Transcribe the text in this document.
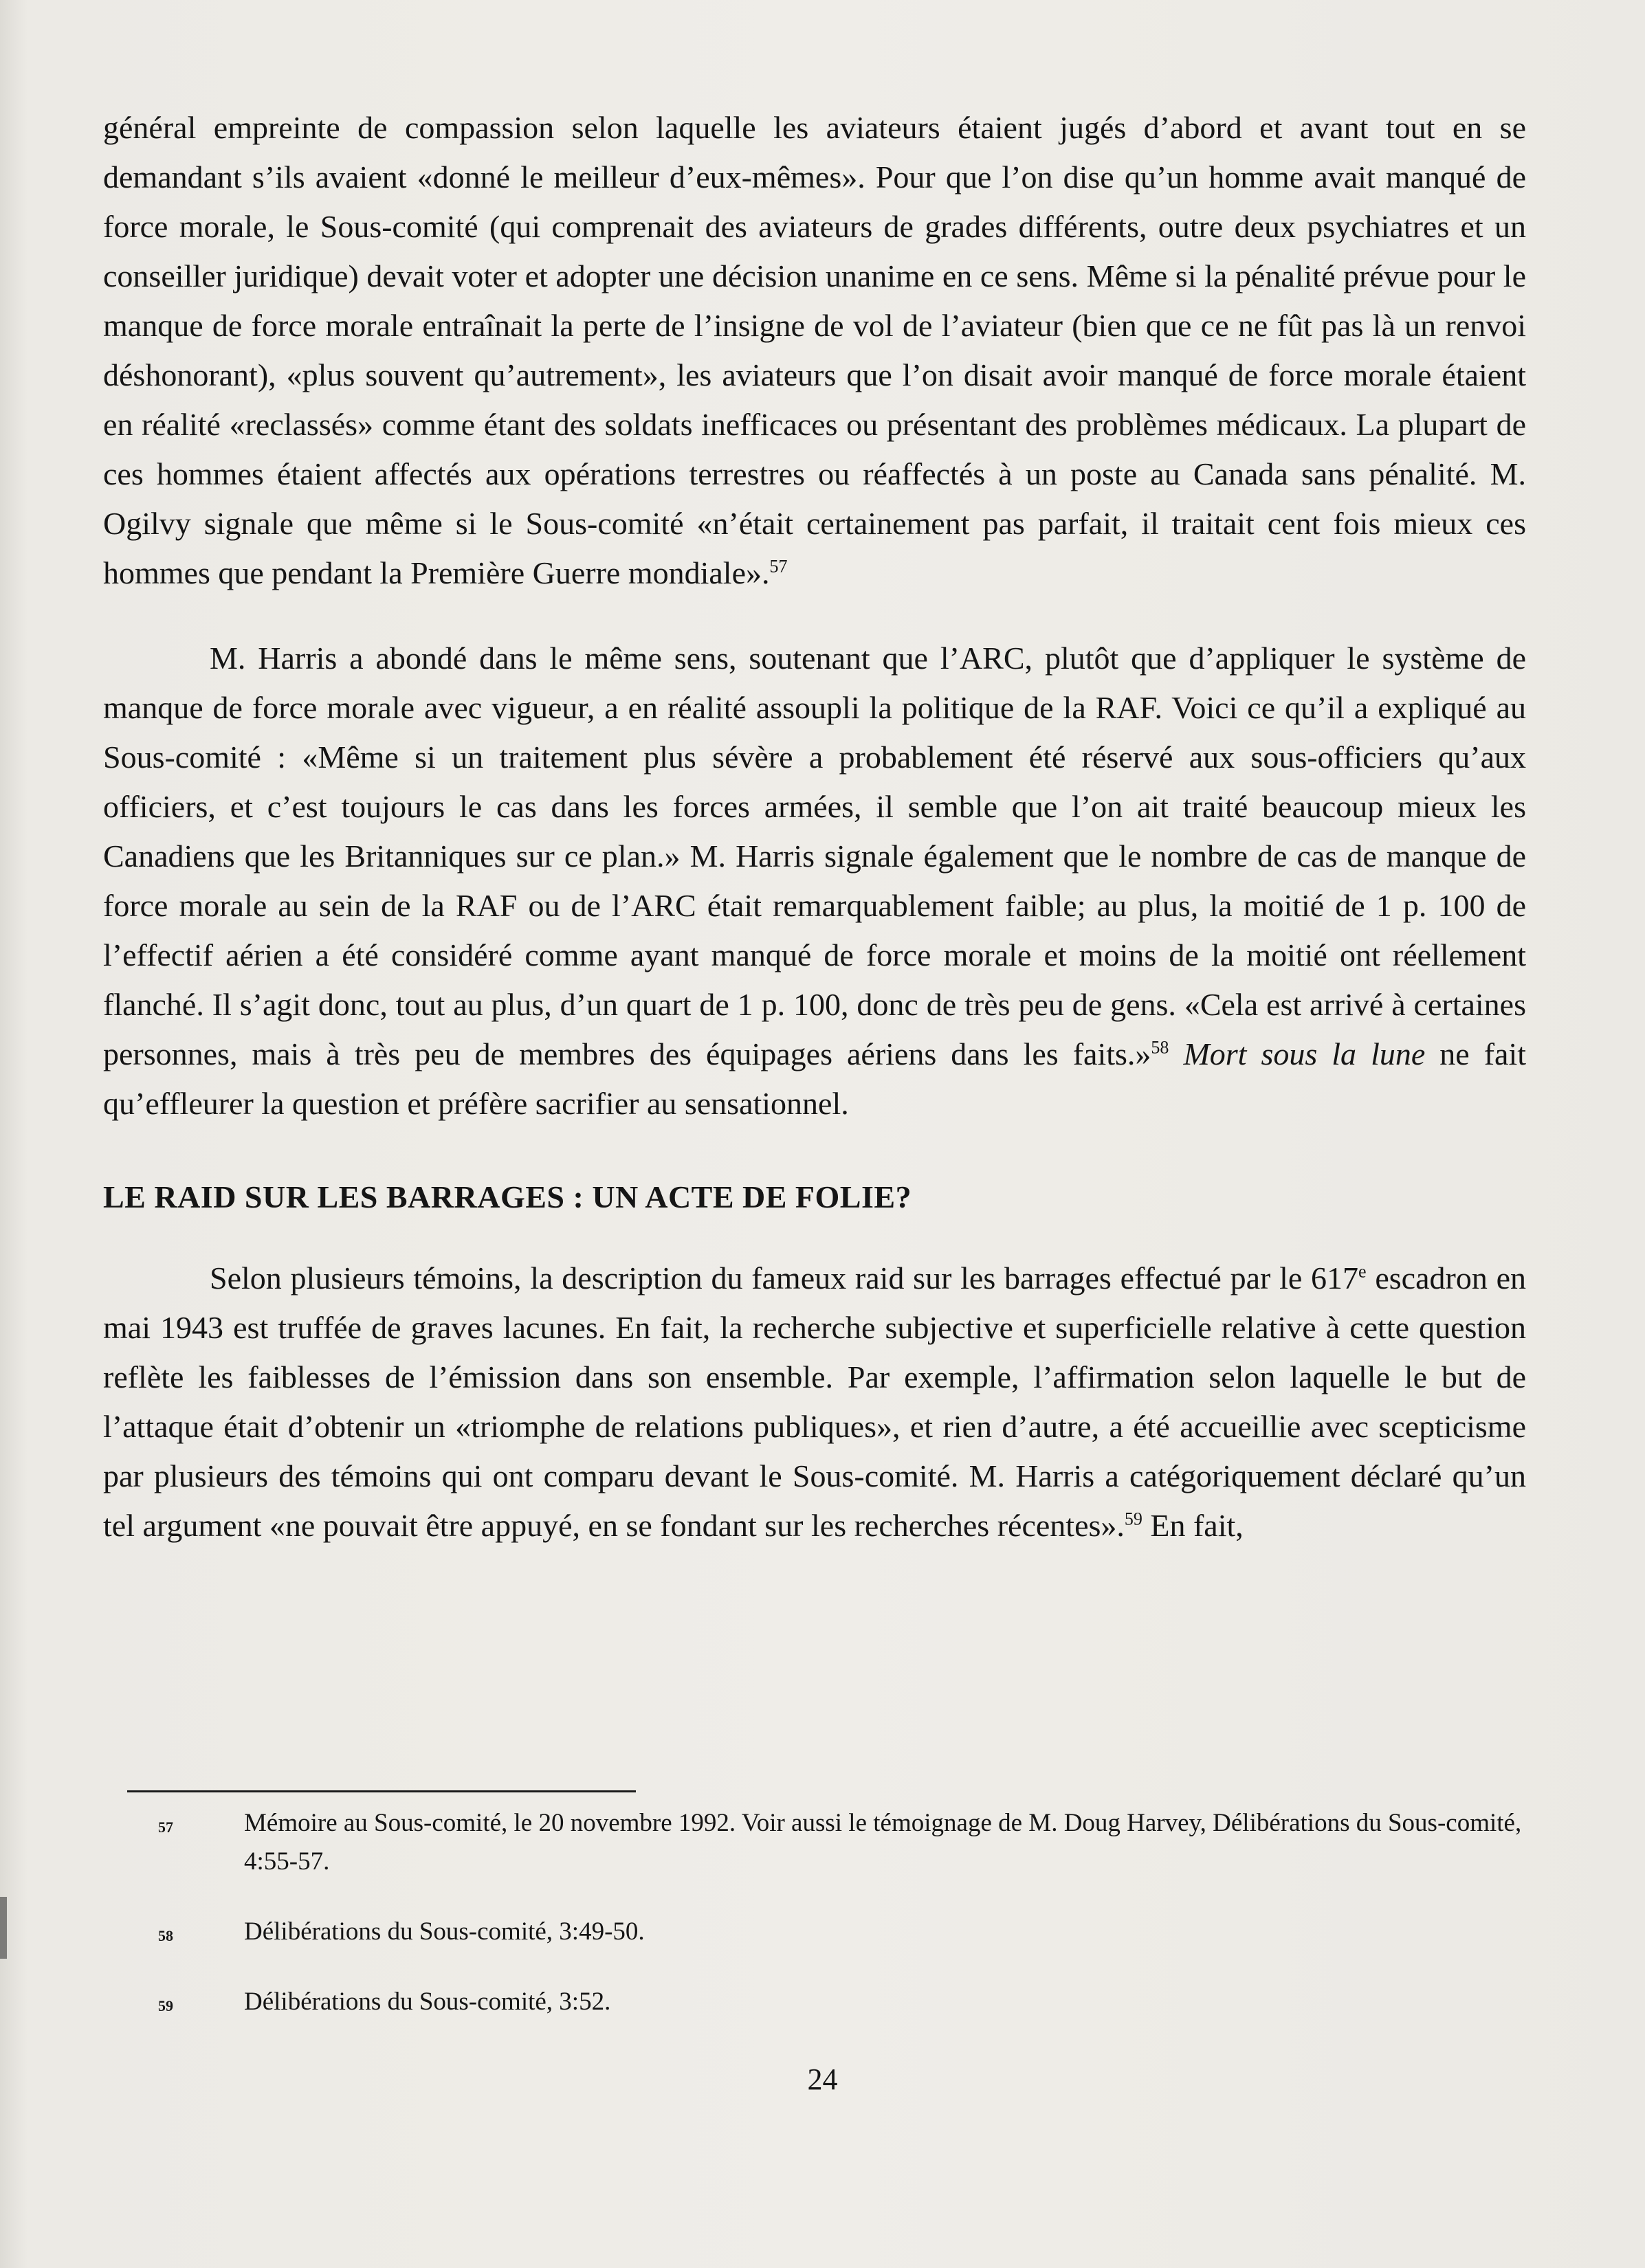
général empreinte de compassion selon laquelle les aviateurs étaient jugés d’abord et avant tout en se demandant s’ils avaient «donné le meilleur d’eux-mêmes». Pour que l’on dise qu’un homme avait manqué de force morale, le Sous-comité (qui comprenait des aviateurs de grades différents, outre deux psychiatres et un conseiller juridique) devait voter et adopter une décision unanime en ce sens. Même si la pénalité prévue pour le manque de force morale entraînait la perte de l’insigne de vol de l’aviateur (bien que ce ne fût pas là un renvoi déshonorant), «plus souvent qu’autrement», les aviateurs que l’on disait avoir manqué de force morale étaient en réalité «reclassés» comme étant des soldats inefficaces ou présentant des problèmes médicaux. La plupart de ces hommes étaient affectés aux opérations terrestres ou réaffectés à un poste au Canada sans pénalité. M. Ogilvy signale que même si le Sous-comité «n’était certainement pas parfait, il traitait cent fois mieux ces hommes que pendant la Première Guerre mondiale».$^{57}$

M. Harris a abondé dans le même sens, soutenant que l’ARC, plutôt que d’appliquer le système de manque de force morale avec vigueur, a en réalité assoupli la politique de la RAF. Voici ce qu’il a expliqué au Sous-comité : «Même si un traitement plus sévère a probablement été réservé aux sous-officiers qu’aux officiers, et c’est toujours le cas dans les forces armées, il semble que l’on ait traité beaucoup mieux les Canadiens que les Britanniques sur ce plan.» M. Harris signale également que le nombre de cas de manque de force morale au sein de la RAF ou de l’ARC était remarquablement faible; au plus, la moitié de 1 p. 100 de l’effectif aérien a été considéré comme ayant manqué de force morale et moins de la moitié ont réellement flanché. Il s’agit donc, tout au plus, d’un quart de 1 p. 100, donc de très peu de gens. «Cela est arrivé à certaines personnes, mais à très peu de membres des équipages aériens dans les faits.»$^{58}$ Mort sous la lune ne fait qu’effleurer la question et préfère sacrifier au sensationnel.

LE RAID SUR LES BARRAGES : UN ACTE DE FOLIE?

Selon plusieurs témoins, la description du fameux raid sur les barrages effectué par le 617e escadron en mai 1943 est truffée de graves lacunes. En fait, la recherche subjective et superficielle relative à cette question reflète les faiblesses de l’émission dans son ensemble. Par exemple, l’affirmation selon laquelle le but de l’attaque était d’obtenir un «triomphe de relations publiques», et rien d’autre, a été accueillie avec scepticisme par plusieurs des témoins qui ont comparu devant le Sous-comité. M. Harris a catégoriquement déclaré qu’un tel argument «ne pouvait être appuyé, en se fondant sur les recherches récentes».$^{59}$ En fait,

57	Mémoire au Sous-comité, le 20 novembre 1992. Voir aussi le témoignage de M. Doug Harvey, Délibérations du Sous-comité, 4:55-57.
58	Délibérations du Sous-comité, 3:49-50.
59	Délibérations du Sous-comité, 3:52.
24
